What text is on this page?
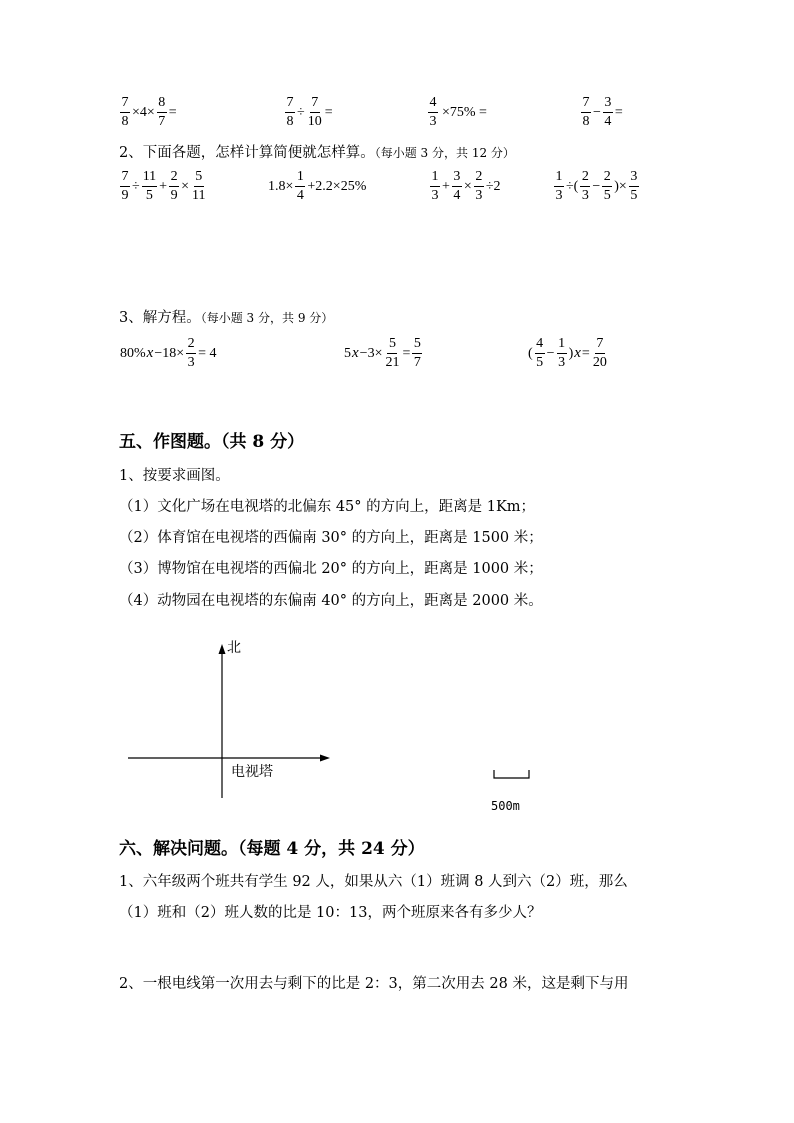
$\frac{7}{8} \times 4\times \frac{8}{7}$ =	$\frac{7}{8} \div \frac{7}{10}$ =	$\frac{4}{3} \times 75\%$ =	$\frac{7}{8} - \frac{3}{4}$ =
2、下面各题，怎样计算简便就怎样算。（每小题 3 分，共 12 分）
$\frac{7}{9} \div \frac{11}{5} + \frac{2}{9} \times \frac{5}{11}$	$1.8\times \frac{1}{4} +2.2\times 25\%$	$\frac{1}{3} + \frac{3}{4} \times \frac{2}{3} \div 2$	$\frac{1}{3}$ ÷( $\frac{2}{3} - \frac{2}{5}$ )× $\frac{3}{5}$
3、解方程。（每小题 3 分，共 9 分）
80% $x -18\times \frac{2}{3} = 4$	5 $x -3\times \frac{5}{21} = \frac{5}{7}$	( $\frac{4}{5} - \frac{1}{3}$ ) $x = \frac{7}{20}$
五、作图题。（共 8 分）
1、按要求画图。
（1）文化广场在电视塔的北偏东 45° 的方向上，距离是 1Km；
（2）体育馆在电视塔的西偏南 30° 的方向上，距离是 1500 米；
（3）博物馆在电视塔的西偏北 20° 的方向上，距离是 1000 米；
（4）动物园在电视塔的东偏南 40° 的方向上，距离是 2000 米。
北
电视塔
500m
六、解决问题。（每题 4 分，共 24 分）
1、六年级两个班共有学生 92 人，如果从六（1）班调 8 人到六（2）班，那么
（1）班和（2）班人数的比是 10：13，两个班原来各有多少人？
2、一根电线第一次用去与剩下的比是 2：3，第二次用去 28 米，这是剩下与用
